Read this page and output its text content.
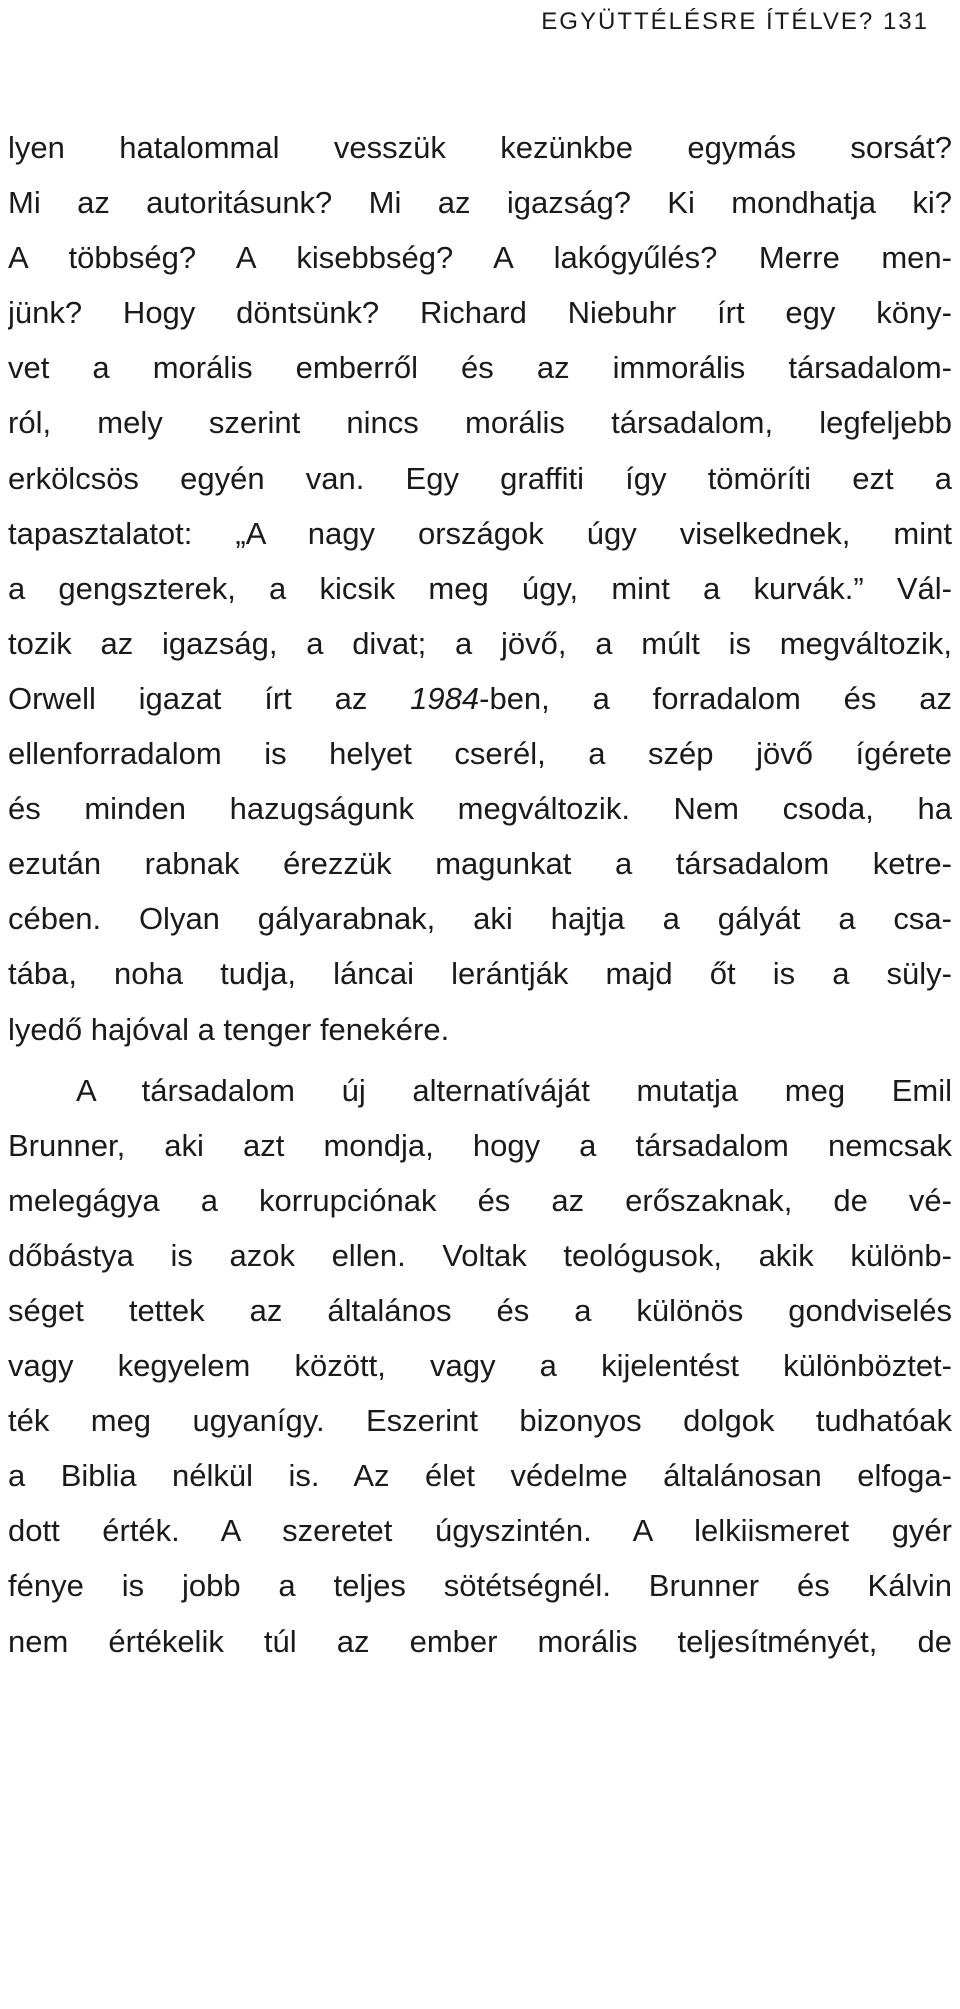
EGYÜTTÉLÉSRE ÍTÉLVE? 131
lyen hatalommal vesszük kezünkbe egymás sorsát?
Mi az autoritásunk? Mi az igazság? Ki mondhatja ki?
A többség? A kisebbség? A lakógyűlés? Merre men-
jünk? Hogy döntsünk? Richard Niebuhr írt egy köny-
vet a morális emberről és az immorális társadalom-
ról, mely szerint nincs morális társadalom, legfeljebb
erkölcsös egyén van. Egy graffiti így tömöríti ezt a
tapasztalatot: „A nagy országok úgy viselkednek, mint
a gengszterek, a kicsik meg úgy, mint a kurvák.” Vál-
tozik az igazság, a divat; a jövő, a múlt is megváltozik,
Orwell igazat írt az 1984-ben, a forradalom és az
ellenforradalom is helyet cserél, a szép jövő ígérete
és minden hazugságunk megváltozik. Nem csoda, ha
ezután rabnak érezzük magunkat a társadalom ketre-
cében. Olyan gályarabnak, aki hajtja a gályát a csa-
tába, noha tudja, láncai lerántják majd őt is a süly-
lyedő hajóval a tenger fenekére.
A társadalom új alternatíváját mutatja meg Emil
Brunner, aki azt mondja, hogy a társadalom nemcsak
melegágya a korrupciónak és az erőszaknak, de vé-
dőbástya is azok ellen. Voltak teológusok, akik különb-
séget tettek az általános és a különös gondviselés
vagy kegyelem között, vagy a kijelentést különböztet-
ték meg ugyanígy. Eszerint bizonyos dolgok tudhatóak
a Biblia nélkül is. Az élet védelme általánosan elfoga-
dott érték. A szeretet úgyszintén. A lelkiismeret gyér
fénye is jobb a teljes sötétségnél. Brunner és Kálvin
nem értékelik túl az ember morális teljesítményét, de
